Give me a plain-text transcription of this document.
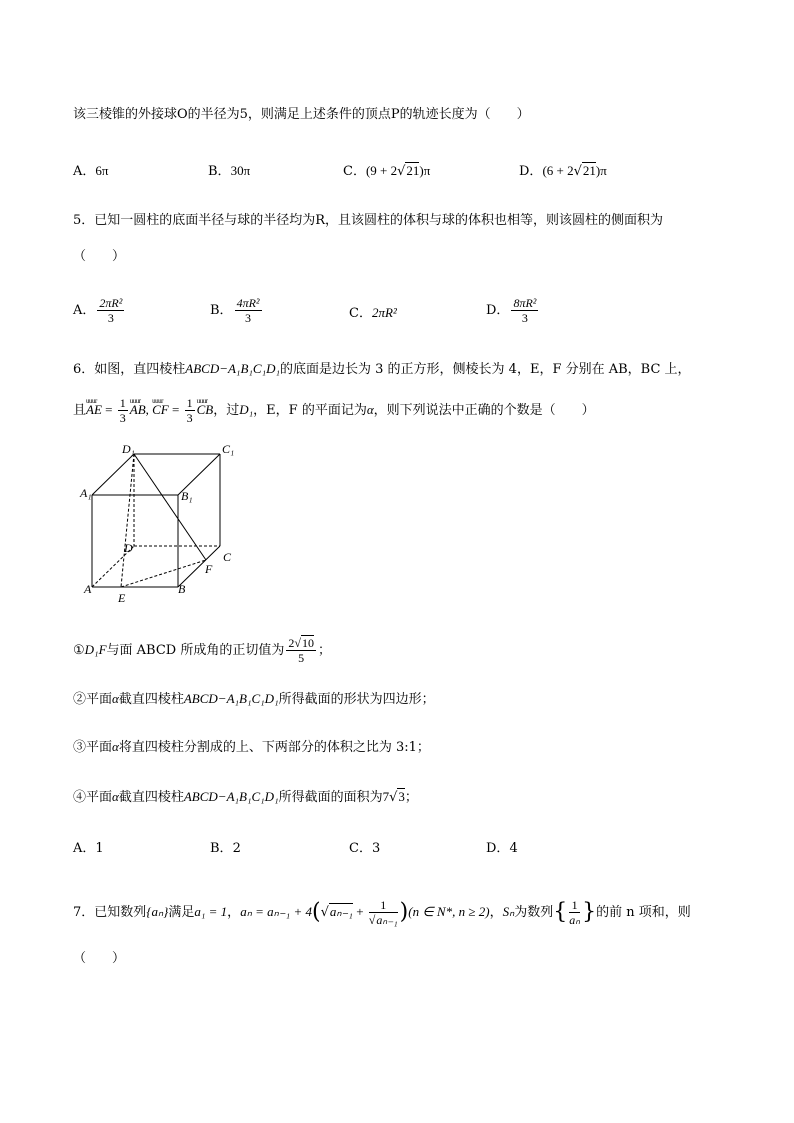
该三棱锥的外接球O的半径为5，则满足上述条件的顶点P的轨迹长度为（　　）
A．6π	B．30π	C．(9 + 2√21)π	D．(6 + 2√21)π
5．已知一圆柱的底面半径与球的半径均为R，且该圆柱的体积与球的体积也相等，则该圆柱的侧面积为
（　　）
A． $\frac{\text{2πR²}}{3}$	B． $\frac{\text{4πR²}}{3}$	C．2πR²	D． $\frac{\text{8πR²}}{3}$
6．如图，直四棱柱ABCD−A₁B₁C₁D₁的底面是边长为 3 的正方形，侧棱长为 4，E，F 分别在 AB，BC 上，
且uuur AE = $\frac{1}{3}$ uuur AB, uuur CF = $\frac{1}{3}$ uuur CB，过D₁，E，F 的平面记为α，则下列说法中正确的个数是（　　）
D₁	C₁
A₁	B₁
D
C
F
A
E
B
①D₁F与面 ABCD 所成角的正切值为 $\frac{2√10}{5}$ ；
②平面α截直四棱柱ABCD−A₁B₁C₁D₁所得截面的形状为四边形；
③平面α将直四棱柱分割成的上、下两部分的体积之比为 3:1；
④平面α截直四棱柱ABCD−A₁B₁C₁D₁所得截面的面积为7√3；
A．1	B．2	C．3	D．4
7．已知数列{aₙ}满足a₁ = 1，$a_n = a_{n-1} + 4(√a_{n-1} + \frac{1}{\text{√aₙ₋₁}} )(n$ ∈ N*, n ≥ 2)，Sₙ为数列{ $\frac{1}{\text{aₙ}}$ }的前 n 项和，则
（　　）
